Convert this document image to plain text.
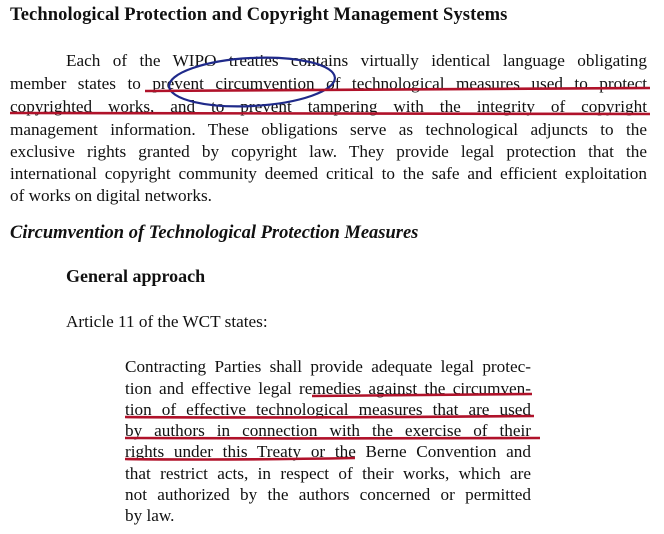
Technological Protection and Copyright Management Systems
Each of the WIPO treaties contains virtually identical language obligating
member states to prevent circumvention of technological measures used to protect
copyrighted works, and to prevent tampering with the integrity of copyright
management information. These obligations serve as technological adjuncts to the
exclusive rights granted by copyright law. They provide legal protection that the
international copyright community deemed critical to the safe and efficient exploitation
of works on digital networks.
Circumvention of Technological Protection Measures
General approach
Article 11 of the WCT states:
Contracting Parties shall provide adequate legal protec-
tion and effective legal remedies against the circumven-
tion of effective technological measures that are used
by authors in connection with the exercise of their
rights under this Treaty or the Berne Convention and
that restrict acts, in respect of their works, which are
not authorized by the authors concerned or permitted
by law.
